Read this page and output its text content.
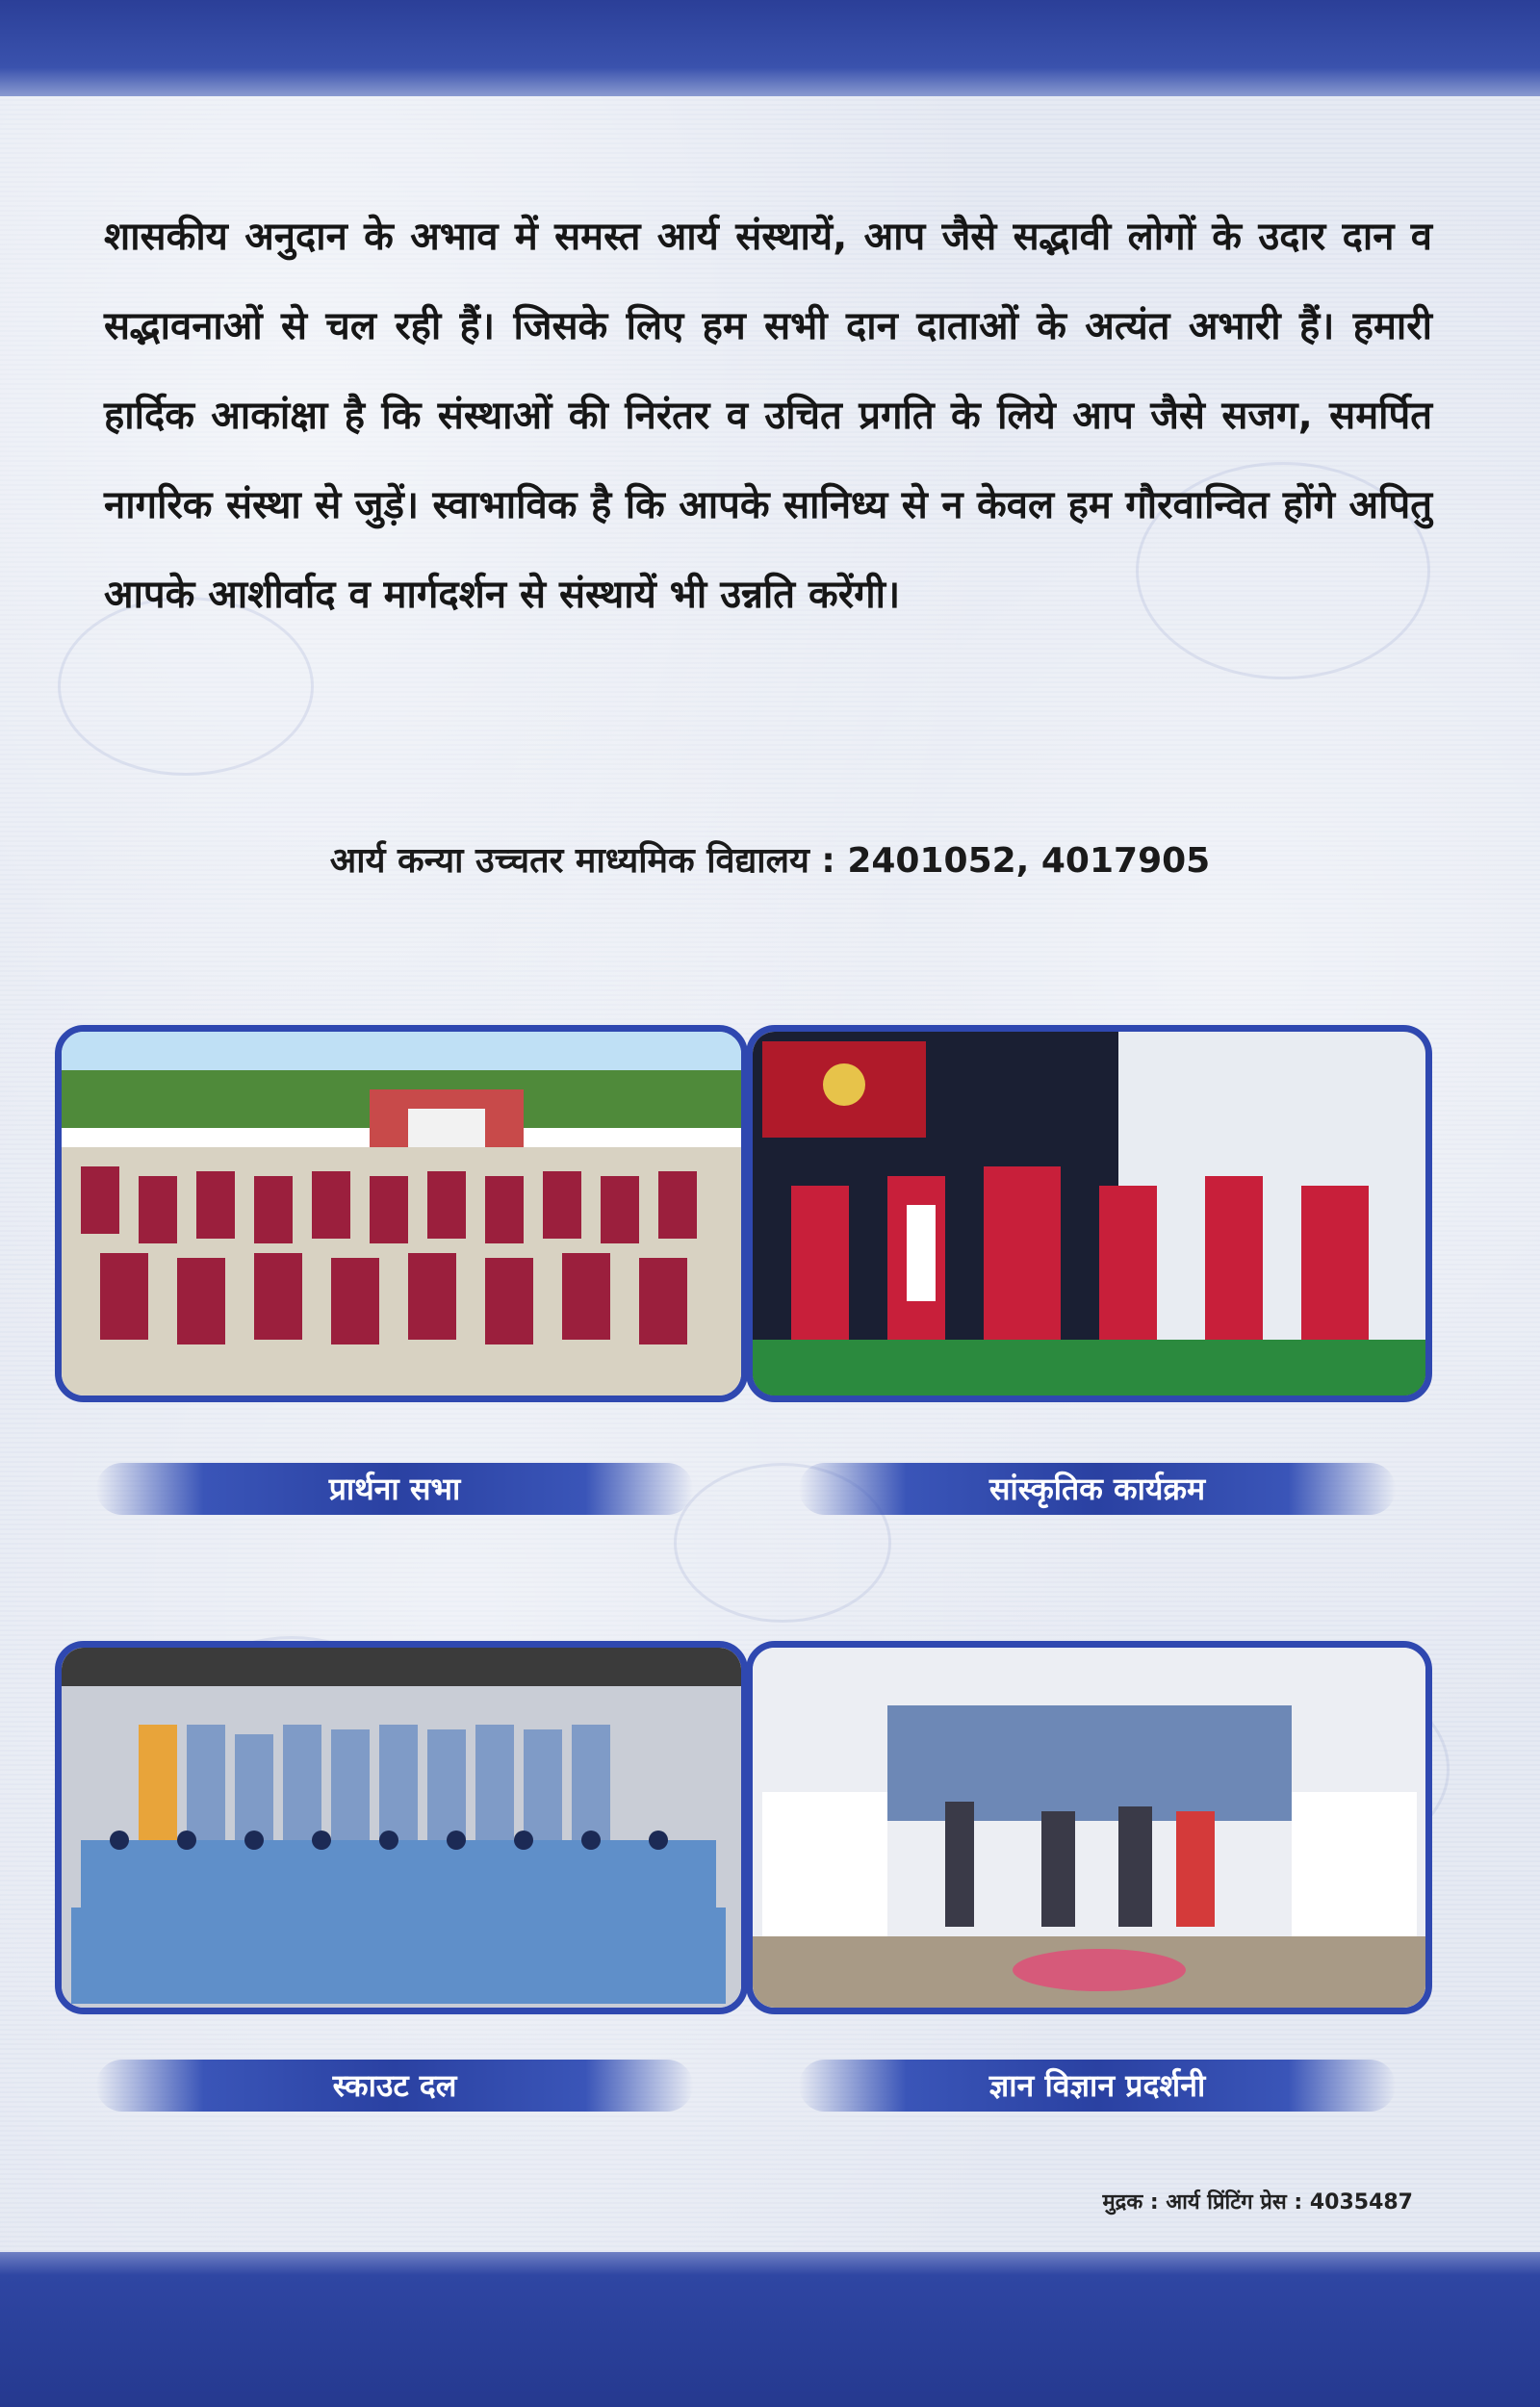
शासकीय अनुदान के अभाव में समस्त आर्य संस्थायें, आप जैसे सद्भावी लोगों के उदार दान व सद्भावनाओं से चल रही हैं। जिसके लिए हम सभी दान दाताओं के अत्यंत अभारी हैं। हमारी हार्दिक आकांक्षा है कि संस्थाओं की निरंतर व उचित प्रगति के लिये आप जैसे सजग, समर्पित नागरिक संस्था से जुड़ें। स्वाभाविक है कि आपके सानिध्य से न केवल हम गौरवान्वित होंगे अपितु आपके आशीर्वाद व मार्गदर्शन से संस्थायें भी उन्नति करेंगी।
आर्य कन्या उच्चतर माध्यमिक विद्यालय : 2401052, 4017905
प्रार्थना सभा	सांस्कृतिक कार्यक्रम
स्काउट दल	ज्ञान विज्ञान प्रदर्शनी
मुद्रक : आर्य प्रिंटिंग प्रेस : 4035487
